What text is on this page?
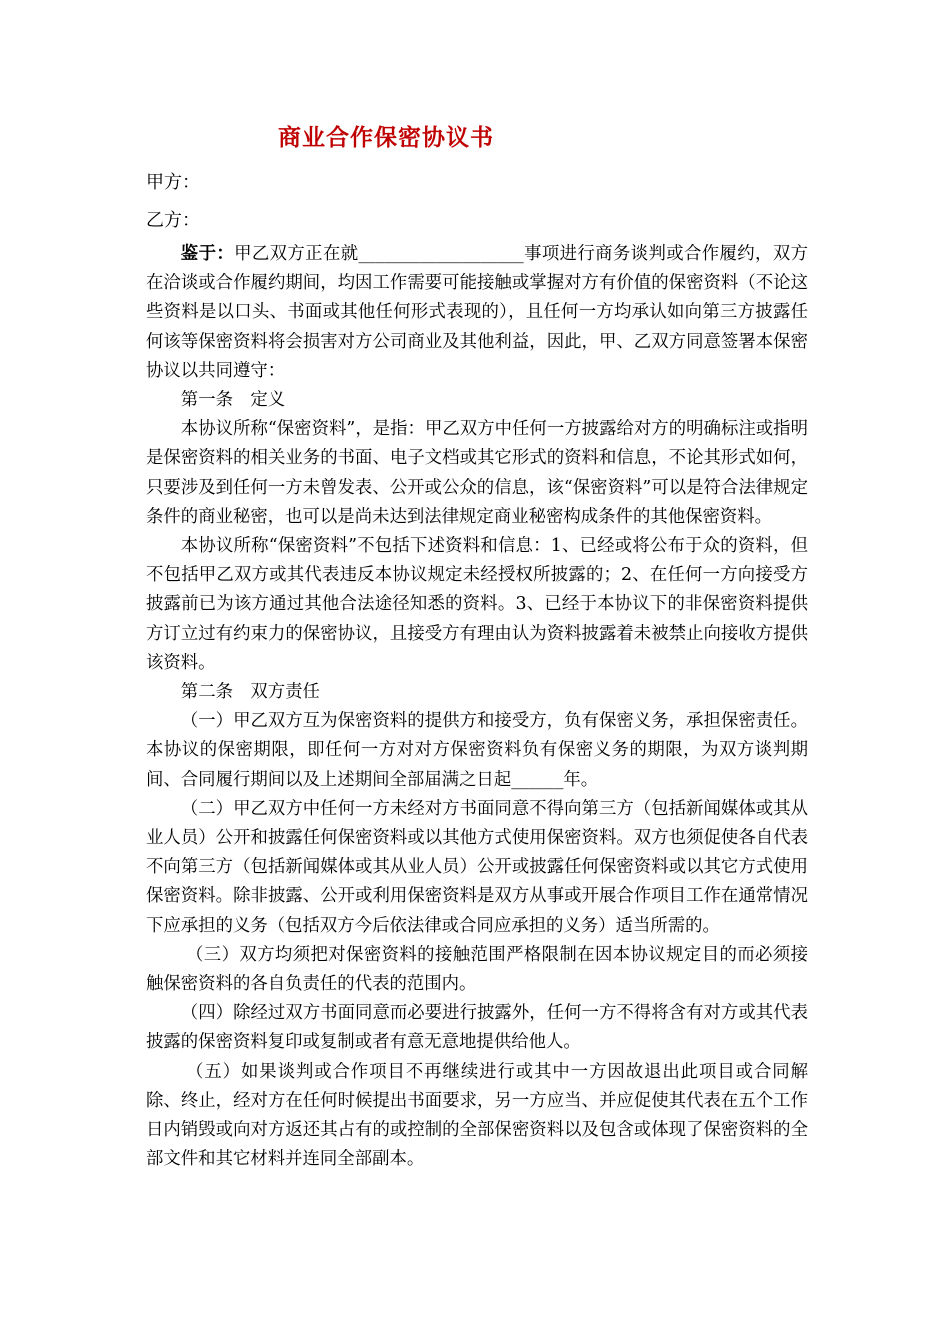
商业合作保密协议书

甲方：

乙方：

鉴于：甲乙双方正在就___________________事项进行商务谈判或合作履约，双方在洽谈或合作履约期间，均因工作需要可能接触或掌握对方有价值的保密资料（不论这些资料是以口头、书面或其他任何形式表现的），且任何一方均承认如向第三方披露任何该等保密资料将会损害对方公司商业及其他利益，因此，甲、乙双方同意签署本保密协议以共同遵守：

第一条　定义

本协议所称“保密资料”，是指：甲乙双方中任何一方披露给对方的明确标注或指明是保密资料的相关业务的书面、电子文档或其它形式的资料和信息，不论其形式如何，只要涉及到任何一方未曾发表、公开或公众的信息，该“保密资料”可以是符合法律规定条件的商业秘密，也可以是尚未达到法律规定商业秘密构成条件的其他保密资料。

本协议所称“保密资料”不包括下述资料和信息：1、已经或将公布于众的资料，但不包括甲乙双方或其代表违反本协议规定未经授权所披露的；2、在任何一方向接受方披露前已为该方通过其他合法途径知悉的资料。3、已经于本协议下的非保密资料提供方订立过有约束力的保密协议，且接受方有理由认为资料披露着未被禁止向接收方提供该资料。

第二条　双方责任

（一）甲乙双方互为保密资料的提供方和接受方，负有保密义务，承担保密责任。本协议的保密期限，即任何一方对对方保密资料负有保密义务的期限，为双方谈判期间、合同履行期间以及上述期间全部届满之日起______年。

（二）甲乙双方中任何一方未经对方书面同意不得向第三方（包括新闻媒体或其从业人员）公开和披露任何保密资料或以其他方式使用保密资料。双方也须促使各自代表不向第三方（包括新闻媒体或其从业人员）公开或披露任何保密资料或以其它方式使用保密资料。除非披露、公开或利用保密资料是双方从事或开展合作项目工作在通常情况下应承担的义务（包括双方今后依法律或合同应承担的义务）适当所需的。

（三）双方均须把对保密资料的接触范围严格限制在因本协议规定目的而必须接触保密资料的各自负责任的代表的范围内。

（四）除经过双方书面同意而必要进行披露外，任何一方不得将含有对方或其代表披露的保密资料复印或复制或者有意无意地提供给他人。

（五）如果谈判或合作项目不再继续进行或其中一方因故退出此项目或合同解除、终止，经对方在任何时候提出书面要求，另一方应当、并应促使其代表在五个工作日内销毁或向对方返还其占有的或控制的全部保密资料以及包含或体现了保密资料的全部文件和其它材料并连同全部副本。
